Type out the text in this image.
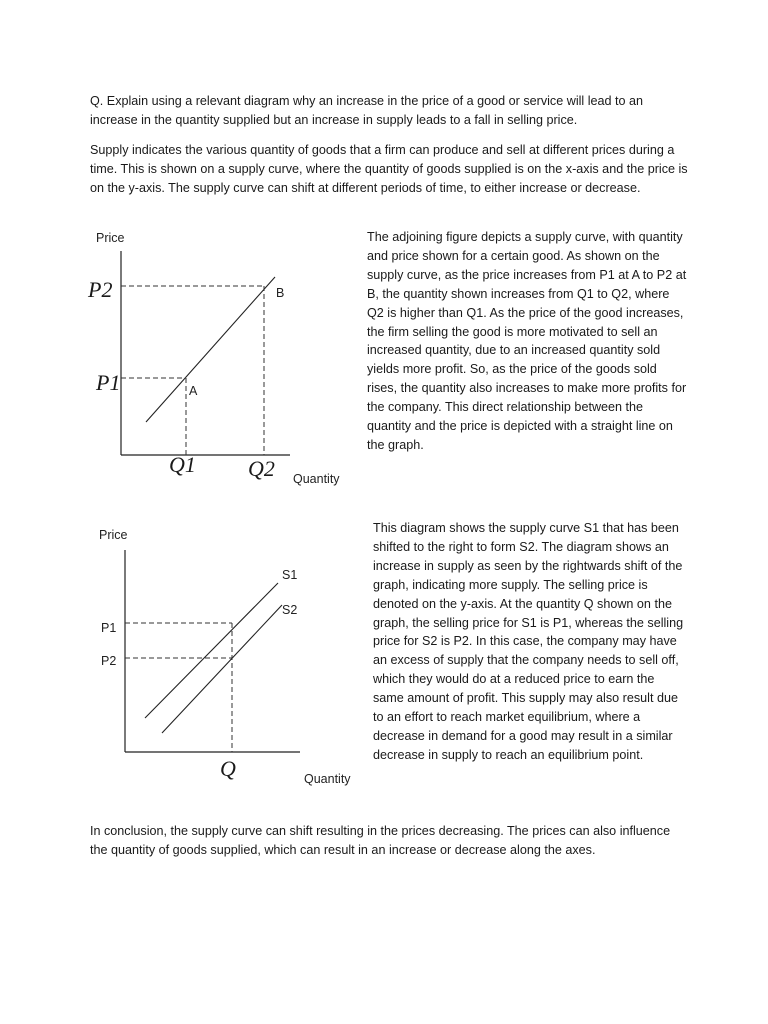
Q. Explain using a relevant diagram why an increase in the price of a good or service will lead to an increase in the quantity supplied but an increase in supply leads to a fall in selling price.

Supply indicates the various quantity of goods that a firm can produce and sell at different prices during a time. This is shown on a supply curve, where the quantity of goods supplied is on the x-axis and the price is on the y-axis. The supply curve can shift at different periods of time, to either increase or decrease.

Price
Quantity
B
A
P2
P1
Q1 Q2

The adjoining figure depicts a supply curve, with quantity and price shown for a certain good. As shown on the supply curve, as the price increases from P1 at A to P2 at B, the quantity shown increases from Q1 to Q2, where Q2 is higher than Q1. As the price of the good increases, the firm selling the good is more motivated to sell an increased quantity, due to an increased quantity sold yields more profit. So, as the price of the goods sold rises, the quantity also increases to make more profits for the company. This direct relationship between the quantity and the price is depicted with a straight line on the graph.

Price
Quantity
S1
S2
P1
P2
Q

This diagram shows the supply curve S1 that has been shifted to the right to form S2. The diagram shows an increase in supply as seen by the rightwards shift of the graph, indicating more supply. The selling price is denoted on the y-axis. At the quantity Q shown on the graph, the selling price for S1 is P1, whereas the selling price for S2 is P2. In this case, the company may have an excess of supply that the company needs to sell off, which they would do at a reduced price to earn the same amount of profit. This supply may also result due to an effort to reach market equilibrium, where a decrease in demand for a good may result in a similar decrease in supply to reach an equilibrium point.

In conclusion, the supply curve can shift resulting in the prices decreasing. The prices can also influence the quantity of goods supplied, which can result in an increase or decrease along the axes.
